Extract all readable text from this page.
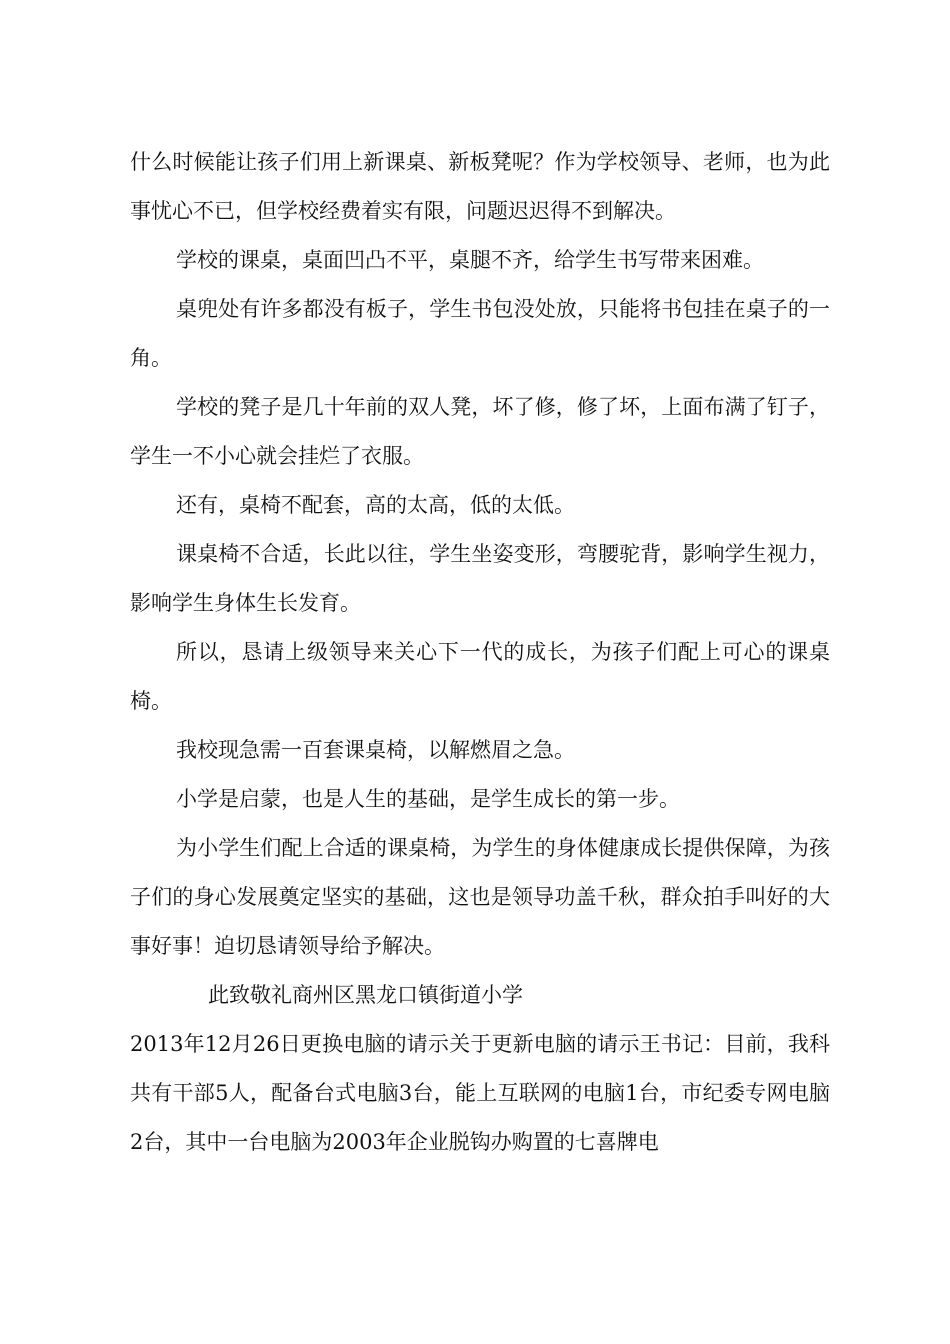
什么时候能让孩子们用上新课桌、新板凳呢？作为学校领导、老师，也为此事忧心不已，但学校经费着实有限，问题迟迟得不到解决。

学校的课桌，桌面凹凸不平，桌腿不齐，给学生书写带来困难。

桌兜处有许多都没有板子，学生书包没处放，只能将书包挂在桌子的一角。

学校的凳子是几十年前的双人凳，坏了修，修了坏，上面布满了钉子，学生一不小心就会挂烂了衣服。

还有，桌椅不配套，高的太高，低的太低。

课桌椅不合适，长此以往，学生坐姿变形，弯腰驼背，影响学生视力，影响学生身体生长发育。

所以，恳请上级领导来关心下一代的成长，为孩子们配上可心的课桌椅。

我校现急需一百套课桌椅，以解燃眉之急。

小学是启蒙，也是人生的基础，是学生成长的第一步。

为小学生们配上合适的课桌椅，为学生的身体健康成长提供保障，为孩子们的身心发展奠定坚实的基础，这也是领导功盖千秋，群众拍手叫好的大事好事！迫切恳请领导给予解决。

此致敬礼商州区黑龙口镇街道小学

2013年12月26日更换电脑的请示关于更新电脑的请示王书记：目前，我科共有干部5人，配备台式电脑3台，能上互联网的电脑1台，市纪委专网电脑2台，其中一台电脑为2003年企业脱钩办购置的七喜牌电
